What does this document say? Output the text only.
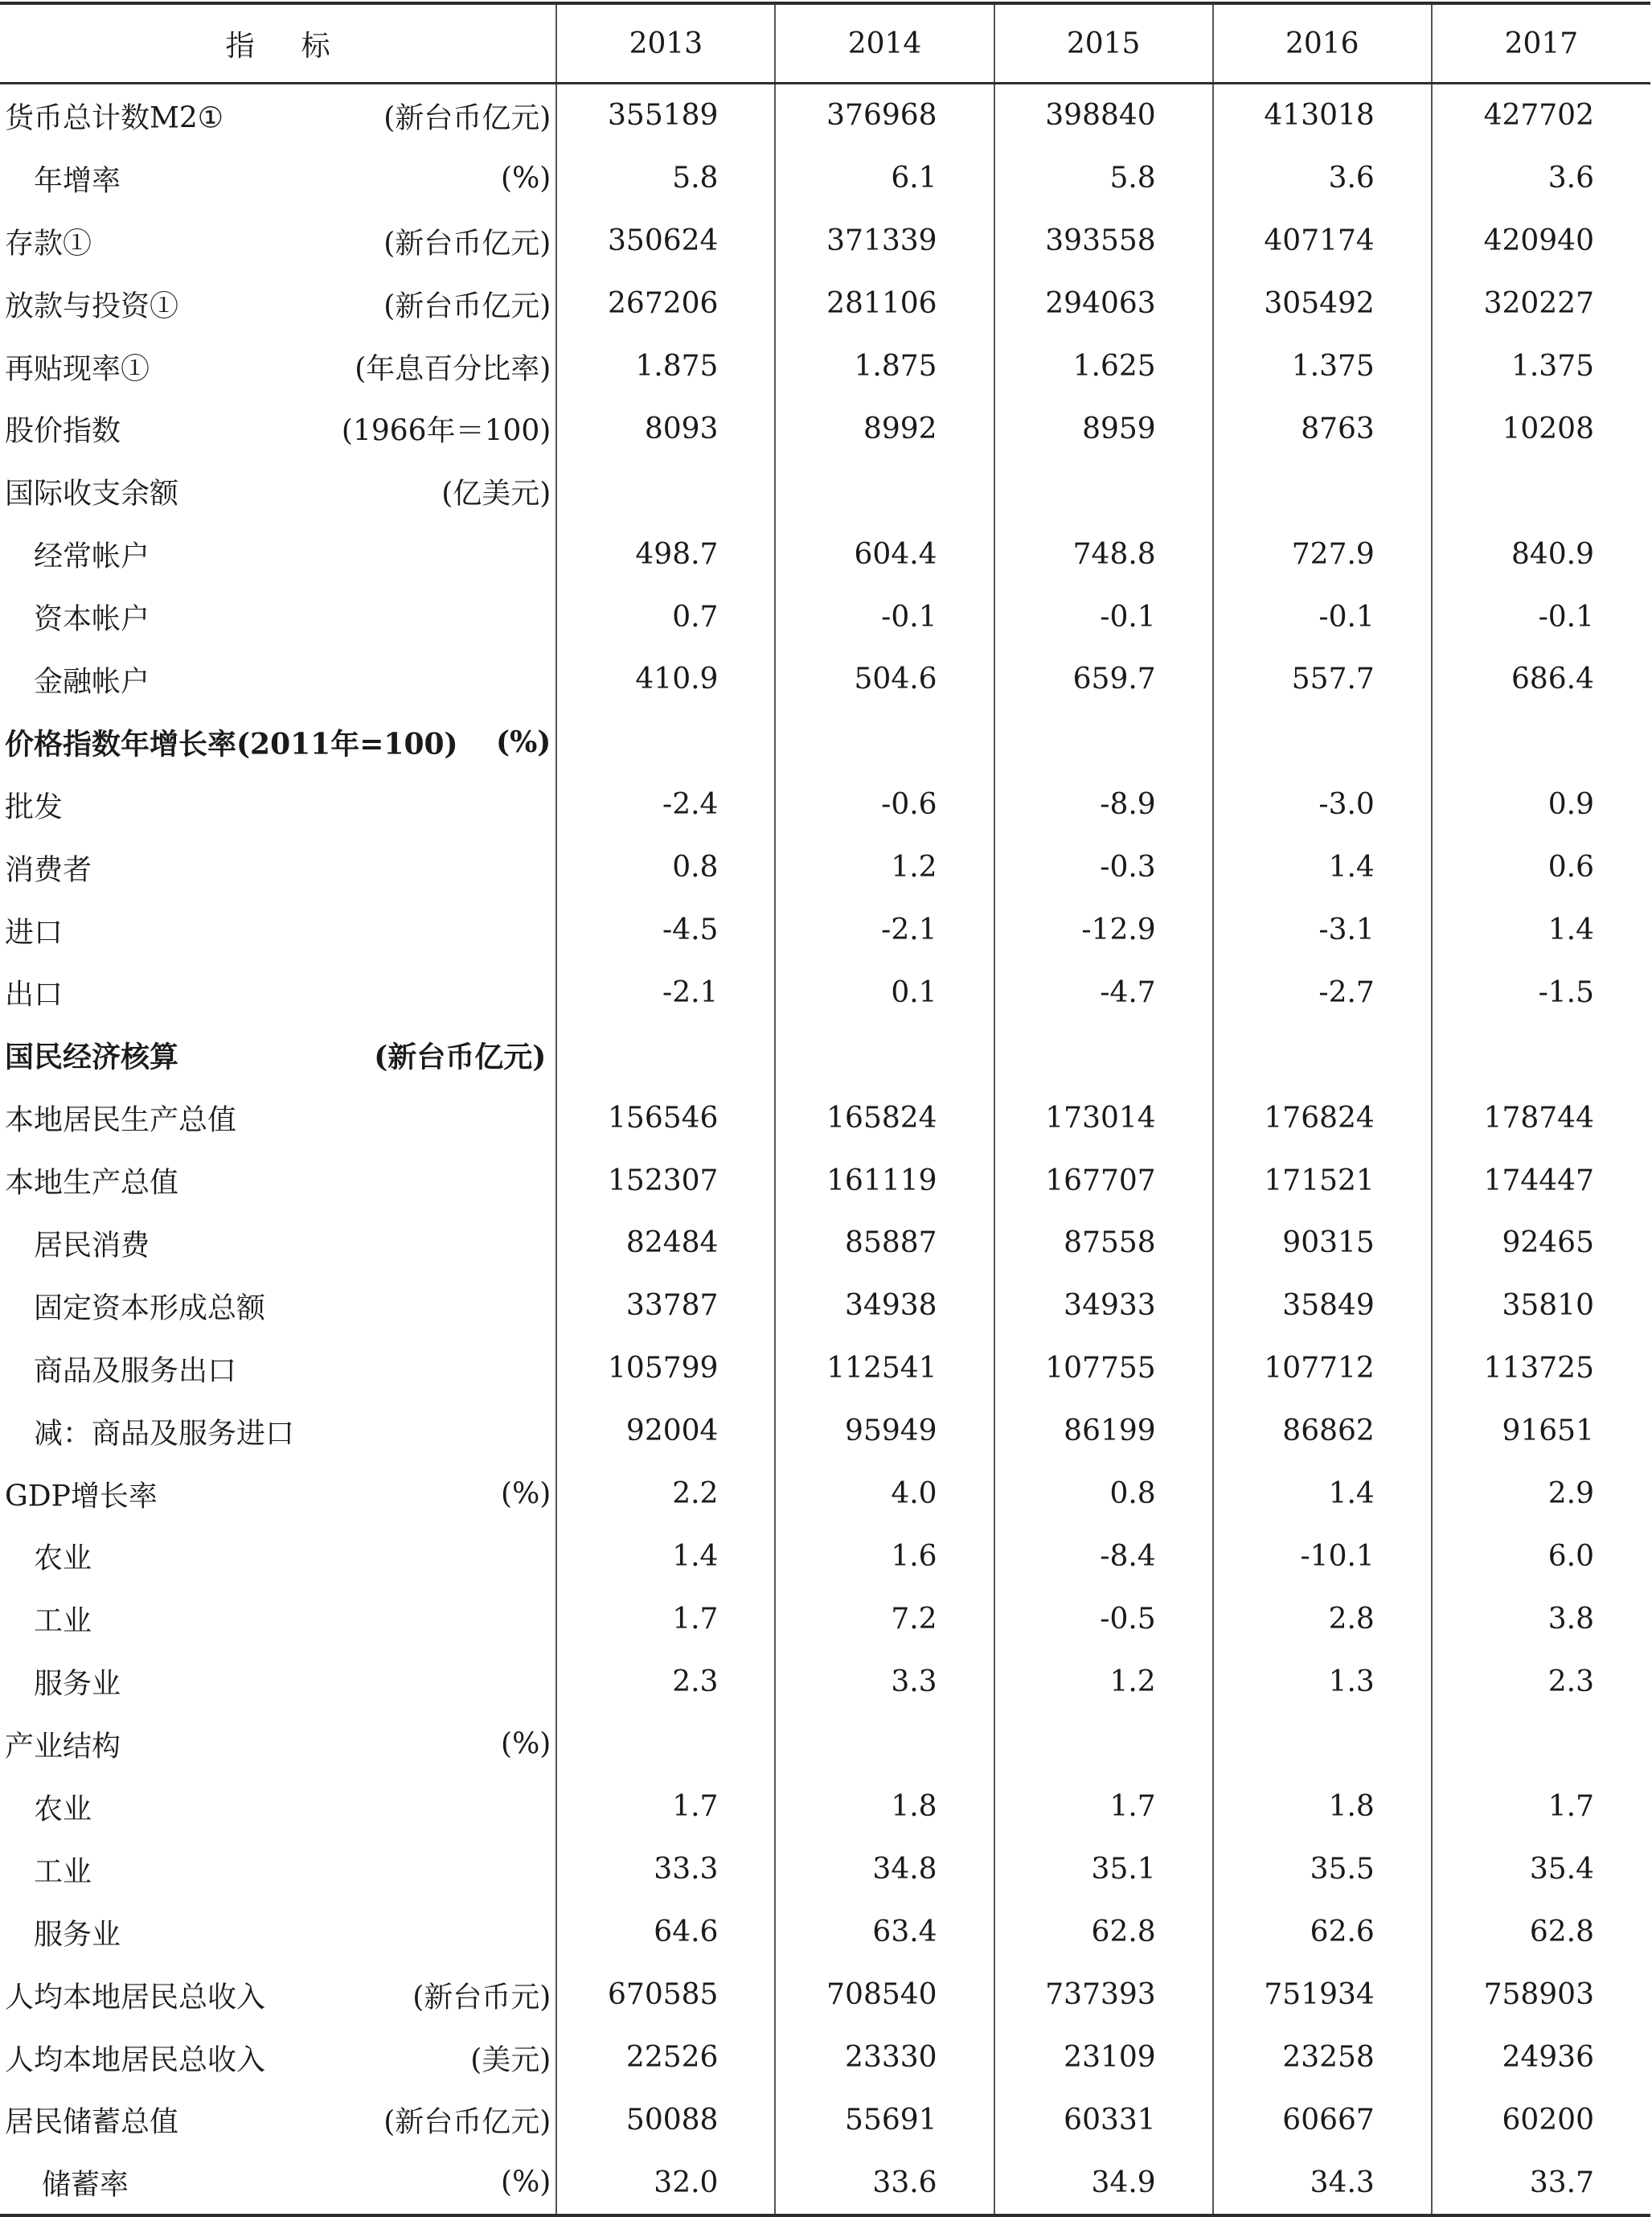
指标	2013	2014	2015	2016	2017

货币总计数M2① (新台币亿元)	355189	376968	398840	413018	427702

年增率 (%)	5.8	6.1	5.8	3.6	3.6

存款① (新台币亿元)	350624	371339	393558	407174	420940

放款与投资① (新台币亿元)	267206	281106	294063	305492	320227

再贴现率① (年息百分比率)	1.875	1.875	1.625	1.375	1.375

股价指数 (1966年＝100)	8093	8992	8959	8763	10208

国际收支余额 (亿美元)					

经常帐户	498.7	604.4	748.8	727.9	840.9

资本帐户	0.7	-0.1	-0.1	-0.1	-0.1

金融帐户	410.9	504.6	659.7	557.7	686.4

价格指数年增长率(2011年=100) (%)					

批发	-2.4	-0.6	-8.9	-3.0	0.9

消费者	0.8	1.2	-0.3	1.4	0.6

进口	-4.5	-2.1	-12.9	-3.1	1.4

出口	-2.1	0.1	-4.7	-2.7	-1.5

国民经济核算 (新台币亿元)					

本地居民生产总值	156546	165824	173014	176824	178744

本地生产总值	152307	161119	167707	171521	174447

居民消费	82484	85887	87558	90315	92465

固定资本形成总额	33787	34938	34933	35849	35810

商品及服务出口	105799	112541	107755	107712	113725

减：商品及服务进口	92004	95949	86199	86862	91651

GDP增长率 (%)	2.2	4.0	0.8	1.4	2.9

农业	1.4	1.6	-8.4	-10.1	6.0

工业	1.7	7.2	-0.5	2.8	3.8

服务业	2.3	3.3	1.2	1.3	2.3

产业结构 (%)					

农业	1.7	1.8	1.7	1.8	1.7

工业	33.3	34.8	35.1	35.5	35.4

服务业	64.6	63.4	62.8	62.6	62.8

人均本地居民总收入 (新台币元)	670585	708540	737393	751934	758903

人均本地居民总收入 (美元)	22526	23330	23109	23258	24936

居民储蓄总值 (新台币亿元)	50088	55691	60331	60667	60200

储蓄率 (%)	32.0	33.6	34.9	34.3	33.7
